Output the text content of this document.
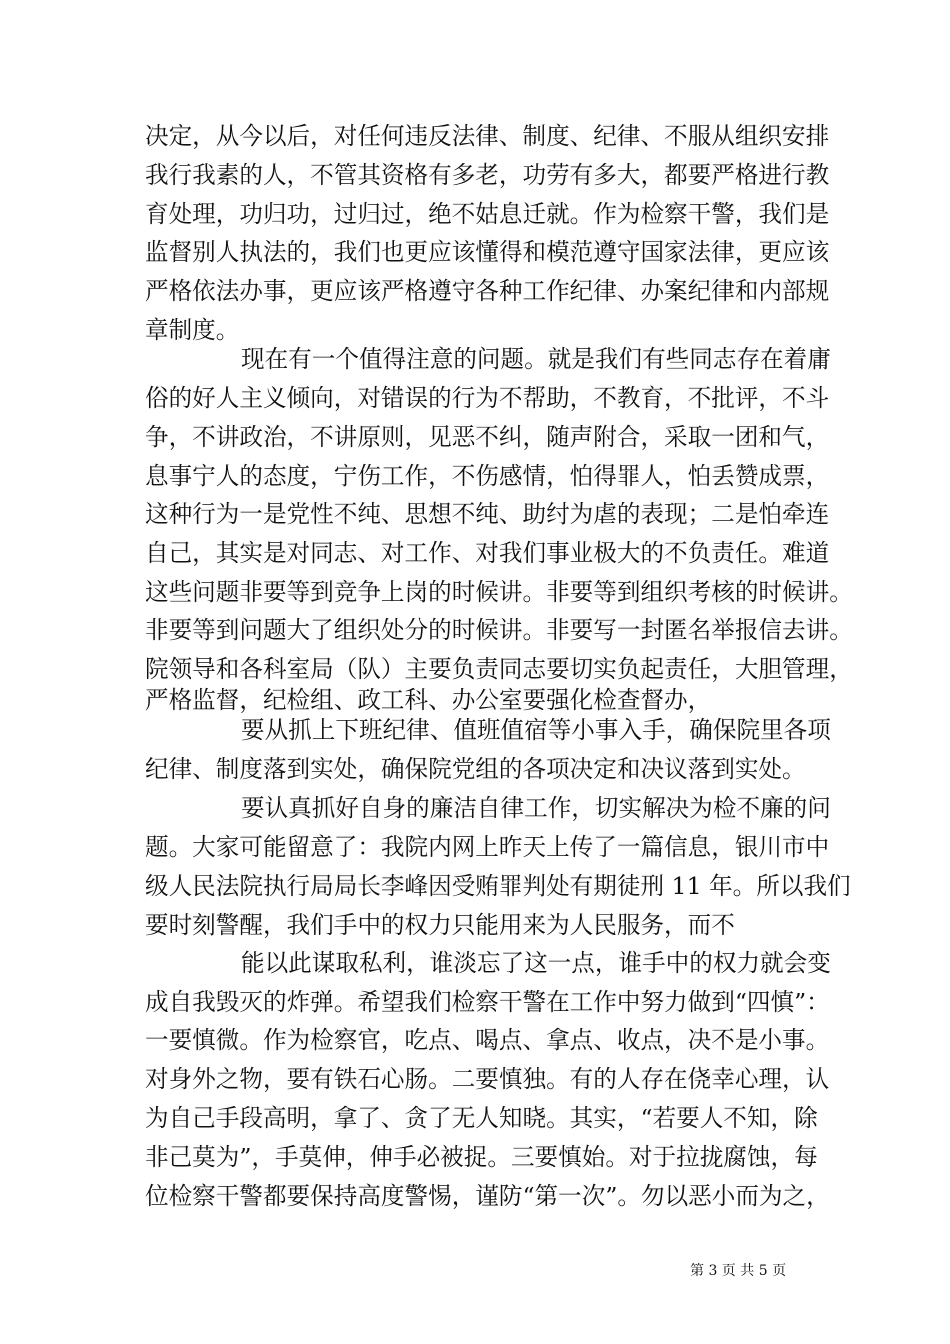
决定，从今以后，对任何违反法律、制度、纪律、不服从组织安排
我行我素的人，不管其资格有多老，功劳有多大，都要严格进行教
育处理，功归功，过归过，绝不姑息迁就。作为检察干警，我们是
监督别人执法的，我们也更应该懂得和模范遵守国家法律，更应该
严格依法办事，更应该严格遵守各种工作纪律、办案纪律和内部规
章制度。
现在有一个值得注意的问题。就是我们有些同志存在着庸
俗的好人主义倾向，对错误的行为不帮助，不教育，不批评，不斗
争，不讲政治，不讲原则，见恶不纠，随声附合，采取一团和气，
息事宁人的态度，宁伤工作，不伤感情，怕得罪人，怕丢赞成票，
这种行为一是党性不纯、思想不纯、助纣为虐的表现；二是怕牵连
自己，其实是对同志、对工作、对我们事业极大的不负责任。难道
这些问题非要等到竞争上岗的时候讲。非要等到组织考核的时候讲。
非要等到问题大了组织处分的时候讲。非要写一封匿名举报信去讲。
院领导和各科室局（队）主要负责同志要切实负起责任，大胆管理，
严格监督，纪检组、政工科、办公室要强化检查督办，
要从抓上下班纪律、值班值宿等小事入手，确保院里各项
纪律、制度落到实处，确保院党组的各项决定和决议落到实处。
要认真抓好自身的廉洁自律工作，切实解决为检不廉的问
题。大家可能留意了：我院内网上昨天上传了一篇信息，银川市中
级人民法院执行局局长李峰因受贿罪判处有期徒刑 11 年。所以我们
要时刻警醒，我们手中的权力只能用来为人民服务，而不
能以此谋取私利，谁淡忘了这一点，谁手中的权力就会变
成自我毁灭的炸弹。希望我们检察干警在工作中努力做到“四慎”：
一要慎微。作为检察官，吃点、喝点、拿点、收点，决不是小事。
对身外之物，要有铁石心肠。二要慎独。有的人存在侥幸心理，认
为自己手段高明，拿了、贪了无人知晓。其实，“若要人不知，除
非己莫为”，手莫伸，伸手必被捉。三要慎始。对于拉拢腐蚀，每
位检察干警都要保持高度警惕，谨防“第一次”。勿以恶小而为之，
第 3 页 共 5 页
